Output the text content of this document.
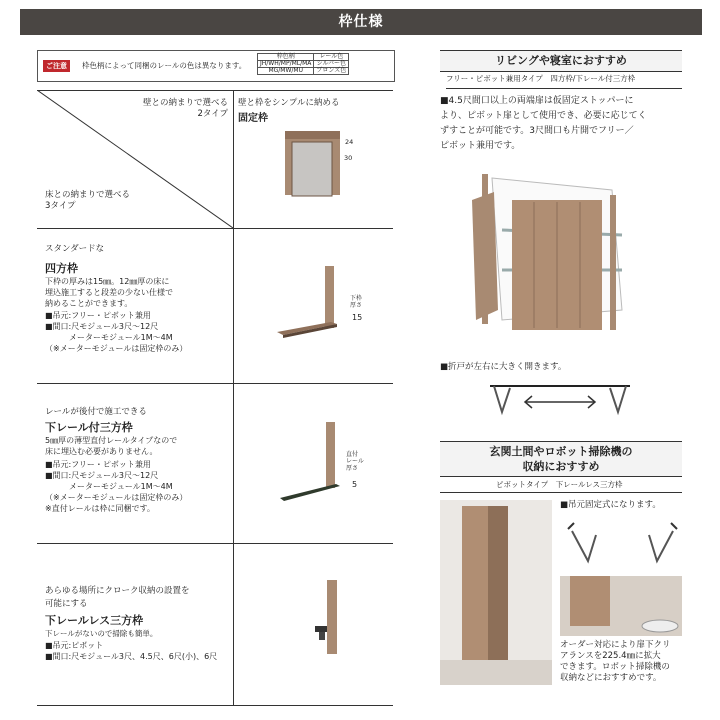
枠仕様
ご注意	枠色柄によって同梱のレールの色は異なります。
枠色柄	レール色
JH/WH/MP/ML/MA	シルバー色
MG/MW/MU	ブロンズ色
壁との納まりで選べる
2タイプ
床との納まりで選べる
3タイプ
壁と枠をシンプルに納める
固定枠
24
30
スタンダードな
四方枠
下枠の厚みは15㎜。12㎜厚の床に
埋込施工すると段差の少ない仕様で
納めることができます。
■吊元:フリー・ピボット兼用
■間口:尺モジュール3尺〜12尺
　　　メーターモジュール1M〜4M
（※メーターモジュールは固定枠のみ）
下枠
厚さ
15
レールが後付で施工できる
下レール付三方枠
5㎜厚の薄型直付レールタイプなので
床に埋込む必要がありません。
■吊元:フリー・ピボット兼用
■間口:尺モジュール3尺〜12尺
　　　メーターモジュール1M〜4M
（※メーターモジュールは固定枠のみ）
※直付レールは枠に同梱です。
直付
レール
厚さ
5
あらゆる場所にクローク収納の設置を
可能にする
下レールレス三方枠
下レールがないので掃除も簡単。
■吊元:ピボット
■間口:尺モジュール3尺、4.5尺、6尺(小)、6尺
リビングや寝室におすすめ
フリー・ピボット兼用タイプ　四方枠/下レール付三方枠
■4.5尺間口以上の両端扉は仮固定ストッパーに
より、ピボット扉として使用でき、必要に応じてく
ずすことが可能です。3尺間口も片開でフリー／
ピボット兼用です。
■折戸が左右に大きく開きます。
玄関土間やロボット掃除機の
収納におすすめ
ピボットタイプ　下レールレス三方枠
■吊元固定式になります。
オーダー対応により扉下クリ
アランスを225.4㎜に拡大
できます。ロボット掃除機の
収納などにおすすめです。
